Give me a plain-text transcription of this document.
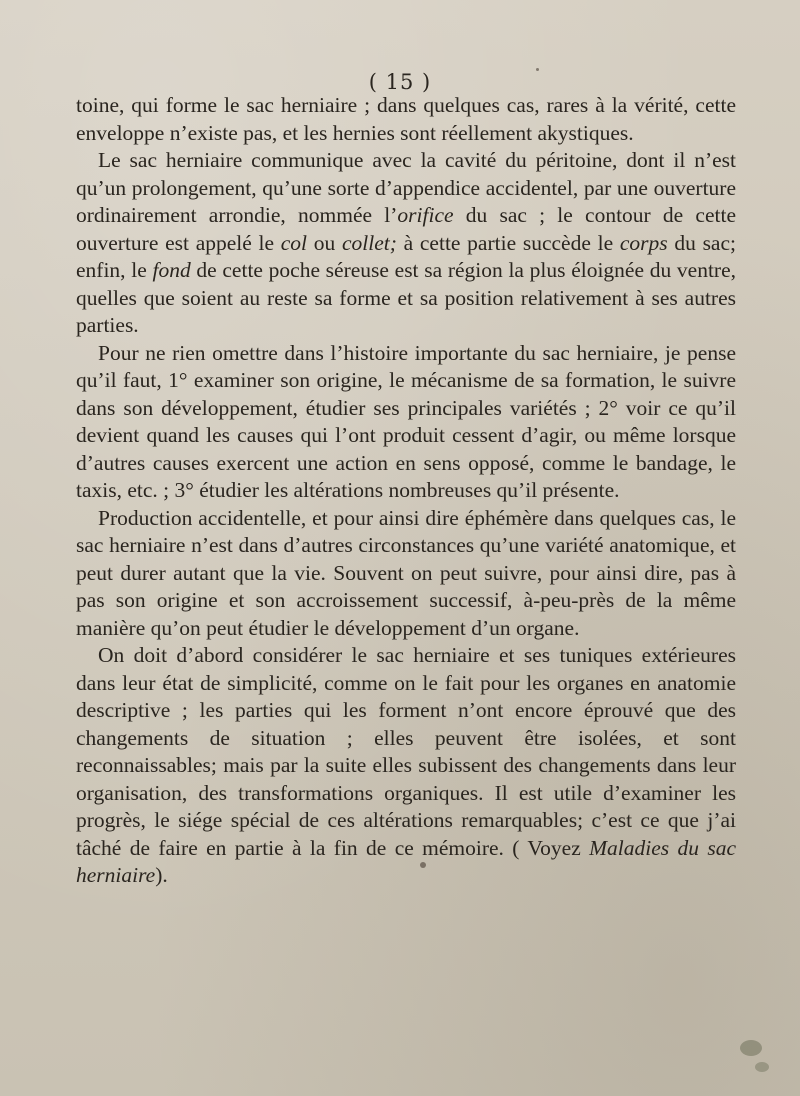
( 15 )

toine, qui forme le sac herniaire ; dans quelques cas, rares à la vérité, cette enveloppe n’existe pas, et les hernies sont réellement akystiques.

Le sac herniaire communique avec la cavité du péritoine, dont il n’est qu’un prolongement, qu’une sorte d’appendice accidentel, par une ouverture ordinairement arrondie, nommée l’orifice du sac ; le contour de cette ouverture est appelé le col ou collet; à cette partie succède le corps du sac; enfin, le fond de cette poche séreuse est sa région la plus éloignée du ventre, quelles que soient au reste sa forme et sa position relativement à ses autres parties.

Pour ne rien omettre dans l’histoire importante du sac herniaire, je pense qu’il faut, 1° examiner son origine, le mécanisme de sa formation, le suivre dans son développement, étudier ses principales variétés ; 2° voir ce qu’il devient quand les causes qui l’ont produit cessent d’agir, ou même lorsque d’autres causes exercent une action en sens opposé, comme le bandage, le taxis, etc. ; 3° étudier les altérations nombreuses qu’il présente.

Production accidentelle, et pour ainsi dire éphémère dans quelques cas, le sac herniaire n’est dans d’autres circonstances qu’une variété anatomique, et peut durer autant que la vie. Souvent on peut suivre, pour ainsi dire, pas à pas son origine et son accroissement successif, à-peu-près de la même manière qu’on peut étudier le développement d’un organe.

On doit d’abord considérer le sac herniaire et ses tuniques extérieures dans leur état de simplicité, comme on le fait pour les organes en anatomie descriptive ; les parties qui les forment n’ont encore éprouvé que des changements de situation ; elles peuvent être isolées, et sont reconnaissables; mais par la suite elles subissent des changements dans leur organisation, des transformations organiques. Il est utile d’examiner les progrès, le siége spécial de ces altérations remarquables; c’est ce que j’ai tâché de faire en partie à la fin de ce mémoire. ( Voyez Maladies du sac herniaire).
